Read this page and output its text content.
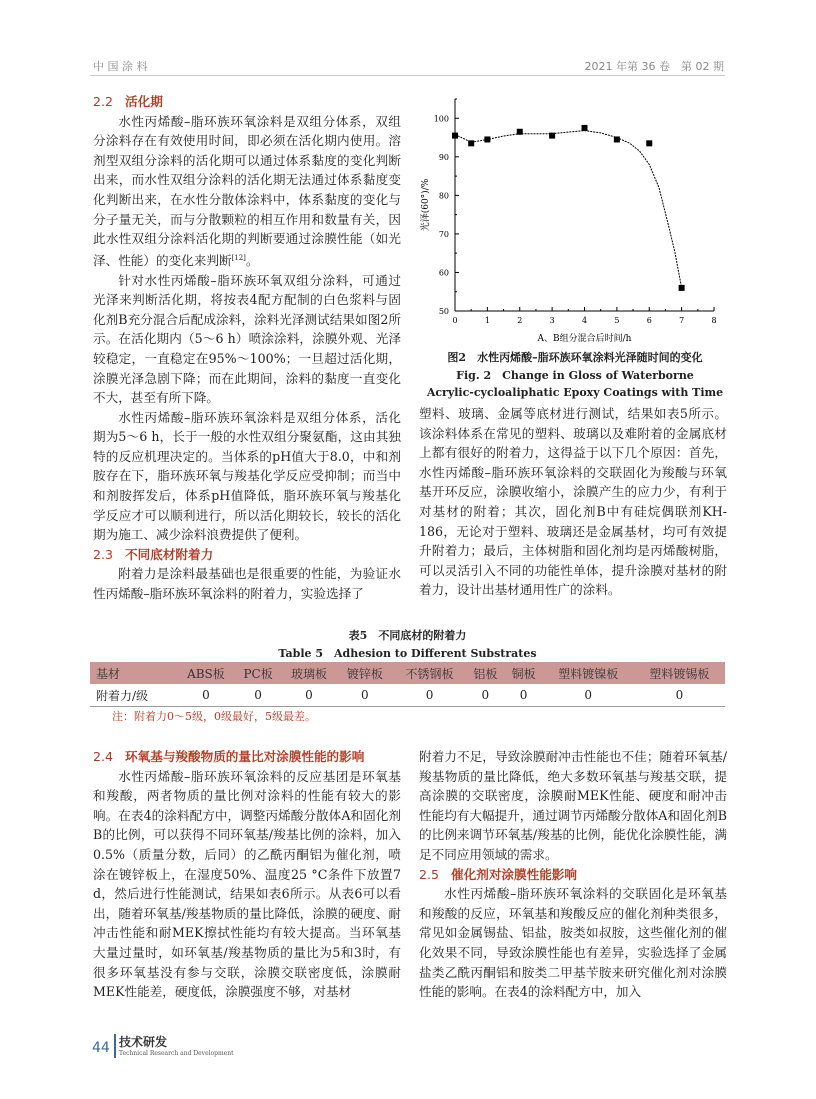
中 国 涂 料	2021 年第 36 卷　第 02 期
2.2 活化期

水性丙烯酸–脂环族环氧涂料是双组分体系，双组分涂料存在有效使用时间，即必须在活化期内使用。溶剂型双组分涂料的活化期可以通过体系黏度的变化判断出来，而水性双组分涂料的活化期无法通过体系黏度变化判断出来，在水性分散体涂料中，体系黏度的变化与分子量无关，而与分散颗粒的相互作用和数量有关，因此水性双组分涂料活化期的判断要通过涂膜性能（如光泽、性能）的变化来判断[12]。

针对水性丙烯酸–脂环族环氧双组分涂料，可通过光泽来判断活化期，将按表4配方配制的白色浆料与固化剂B充分混合后配成涂料，涂料光泽测试结果如图2所示。在活化期内（5～6 h）喷涂涂料，涂膜外观、光泽较稳定，一直稳定在95%～100%；一旦超过活化期，涂膜光泽急剧下降；而在此期间，涂料的黏度一直变化不大，甚至有所下降。

水性丙烯酸–脂环族环氧涂料是双组分体系，活化期为5～6 h，长于一般的水性双组分聚氨酯，这由其独特的反应机理决定的。当体系的pH值大于8.0，中和剂胺存在下，脂环族环氧与羧基化学反应受抑制；而当中和剂胺挥发后，体系pH值降低，脂环族环氧与羧基化学反应才可以顺利进行，所以活化期较长，较长的活化期为施工、减少涂料浪费提供了便利。

2.3 不同底材附着力

附着力是涂料最基础也是很重要的性能，为验证水性丙烯酸–脂环族环氧涂料的附着力，实验选择了

50
60
70
80
90
100
0	1	2	3	4	5	6	7	8
A、B组分混合后时间/h
光泽(60°)/%
图2　水性丙烯酸–脂环族环氧涂料光泽随时间的变化
Fig. 2　Change in Gloss of Waterborne
Acrylic-cycloaliphatic Epoxy Coatings with Time

塑料、玻璃、金属等底材进行测试，结果如表5所示。该涂料体系在常见的塑料、玻璃以及难附着的金属底材上都有很好的附着力，这得益于以下几个原因：首先，水性丙烯酸–脂环族环氧涂料的交联固化为羧酸与环氧基开环反应，涂膜收缩小，涂膜产生的应力少，有利于对基材的附着；其次，固化剂B中有硅烷偶联剂KH-186，无论对于塑料、玻璃还是金属基材，均可有效提升附着力；最后，主体树脂和固化剂均是丙烯酸树脂，可以灵活引入不同的功能性单体，提升涂膜对基材的附着力，设计出基材通用性广的涂料。

表5　不同底材的附着力
Table 5　Adhesion to Different Substrates
基材	ABS板	PC板	玻璃板	镀锌板	不锈钢板	铝板	铜板	塑料镀镍板	塑料镀锡板
附着力/级	0	0	0	0	0	0	0	0	0
注：附着力0～5级，0级最好，5级最差。
2.4 环氧基与羧酸物质的量比对涂膜性能的影响

水性丙烯酸–脂环族环氧涂料的反应基团是环氧基和羧酸，两者物质的量比例对涂料的性能有较大的影响。在表4的涂料配方中，调整丙烯酸分散体A和固化剂B的比例，可以获得不同环氧基/羧基比例的涂料，加入0.5%（质量分数，后同）的乙酰丙酮铝为催化剂，喷涂在镀锌板上，在湿度50%、温度25 °C条件下放置7 d，然后进行性能测试，结果如表6所示。从表6可以看出，随着环氧基/羧基物质的量比降低，涂膜的硬度、耐冲击性能和耐MEK擦拭性能均有较大提高。当环氧基大量过量时，如环氧基/羧基物质的量比为5和3时，有很多环氧基没有参与交联，涂膜交联密度低，涂膜耐MEK性能差，硬度低，涂膜强度不够，对基材

附着力不足，导致涂膜耐冲击性能也不佳；随着环氧基/羧基物质的量比降低，绝大多数环氧基与羧基交联，提高涂膜的交联密度，涂膜耐MEK性能、硬度和耐冲击性能均有大幅提升，通过调节丙烯酸分散体A和固化剂B的比例来调节环氧基/羧基的比例，能优化涂膜性能，满足不同应用领域的需求。

2.5 催化剂对涂膜性能影响

水性丙烯酸–脂环族环氧涂料的交联固化是环氧基和羧酸的反应，环氧基和羧酸反应的催化剂种类很多，常见如金属锡盐、铝盐，胺类如叔胺，这些催化剂的催化效果不同，导致涂膜性能也有差异，实验选择了金属盐类乙酰丙酮铝和胺类二甲基苄胺来研究催化剂对涂膜性能的影响。在表4的涂料配方中，加入

44 技术研发
Technical Research and Development
